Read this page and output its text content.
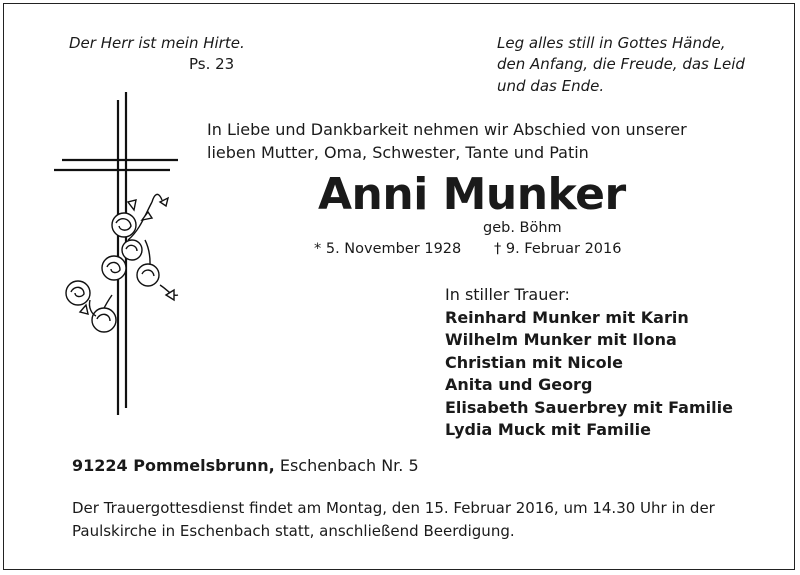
Der Herr ist mein Hirte.
Ps. 23
Leg alles still in Gottes Hände,
den Anfang, die Freude, das Leid
und das Ende.
In Liebe und Dankbarkeit nehmen wir Abschied von unserer
lieben Mutter, Oma, Schwester, Tante und Patin
Anni Munker
geb. Böhm
* 5. November 1928 † 9. Februar 2016
In stiller Trauer:
Reinhard Munker mit Karin
Wilhelm Munker mit Ilona
Christian mit Nicole
Anita und Georg
Elisabeth Sauerbrey mit Familie
Lydia Muck mit Familie
91224 Pommelsbrunn, Eschenbach Nr. 5
Der Trauergottesdienst findet am Montag, den 15. Februar 2016, um 14.30 Uhr in der
Paulskirche in Eschenbach statt, anschließend Beerdigung.
